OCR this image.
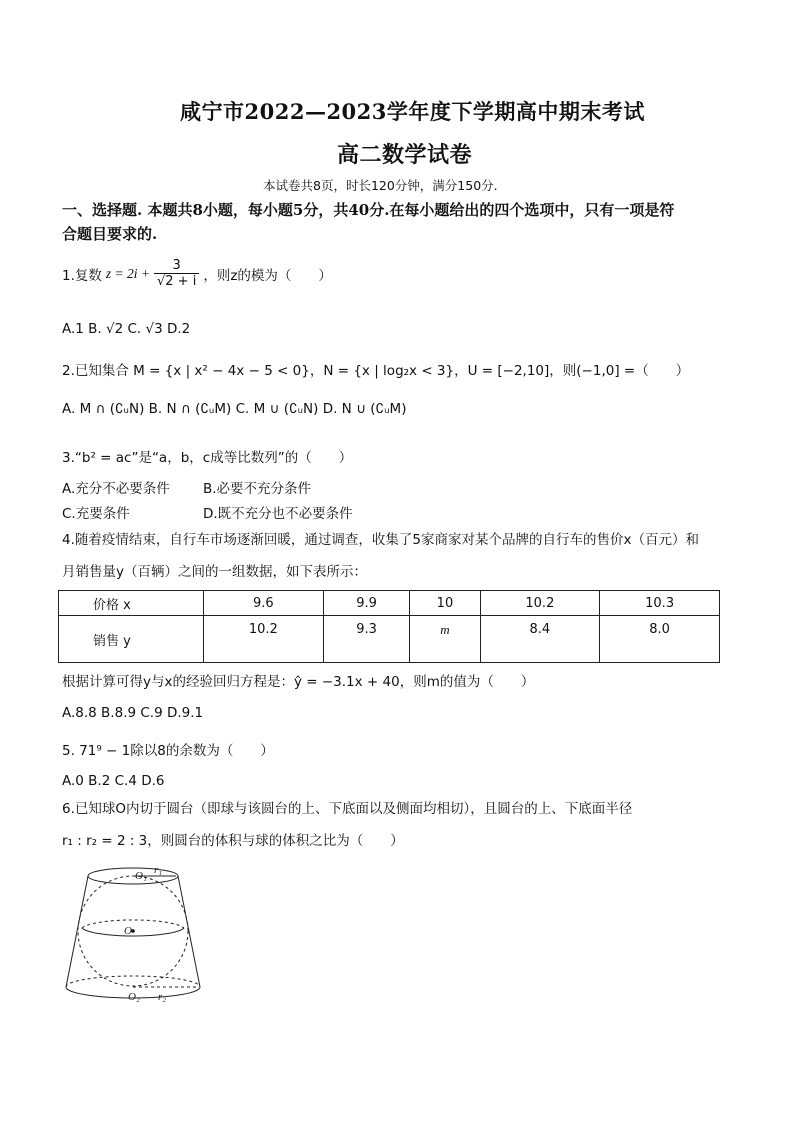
咸宁市2022—2023学年度下学期高中期末考试
高二数学试卷
本试卷共8页，时长120分钟，满分150分.
一、选择题. 本题共8小题，每小题5分，共40分.在每小题给出的四个选项中，只有一项是符
合题目要求的.
1.复数 $z = 2i + \frac{3}{√2 + i}$ ，则z的模为（　　）
A.1 B. √2 C. √3 D.2
2.已知集合 M = {x | x² − 4x − 5 < 0}，N = {x | log₂x < 3}，U = [−2,10]，则(−1,0] =（　　）
A. M ∩ (∁ᵤN) B. N ∩ (∁ᵤM) C. M ∪ (∁ᵤN) D. N ∪ (∁ᵤM)
3.“b² = ac”是“a，b，c成等比数列”的（　　）
A.充分不必要条件 B.必要不充分条件
C.充要条件	D.既不充分也不必要条件
4.随着疫情结束，自行车市场逐渐回暖，通过调查，收集了5家商家对某个品牌的自行车的售价x（百元）和
月销售量y（百辆）之间的一组数据，如下表所示：
价格 x	9.6	9.9	10	10.2	10.3
销售 y	10.2	9.3	m	8.4	8.0
根据计算可得y与x的经验回归方程是：ŷ = −3.1x + 40，则m的值为（　　）
A.8.8 B.8.9 C.9 D.9.1
5. 71⁹ − 1除以8的余数为（　　）
A.0 B.2 C.4 D.6
6.已知球O内切于圆台（即球与该圆台的上、下底面以及侧面均相切），且圆台的上、下底面半径
r₁ : r₂ = 2 : 3，则圆台的体积与球的体积之比为（　　）
O₁ r₁
O
O₂ r₂
